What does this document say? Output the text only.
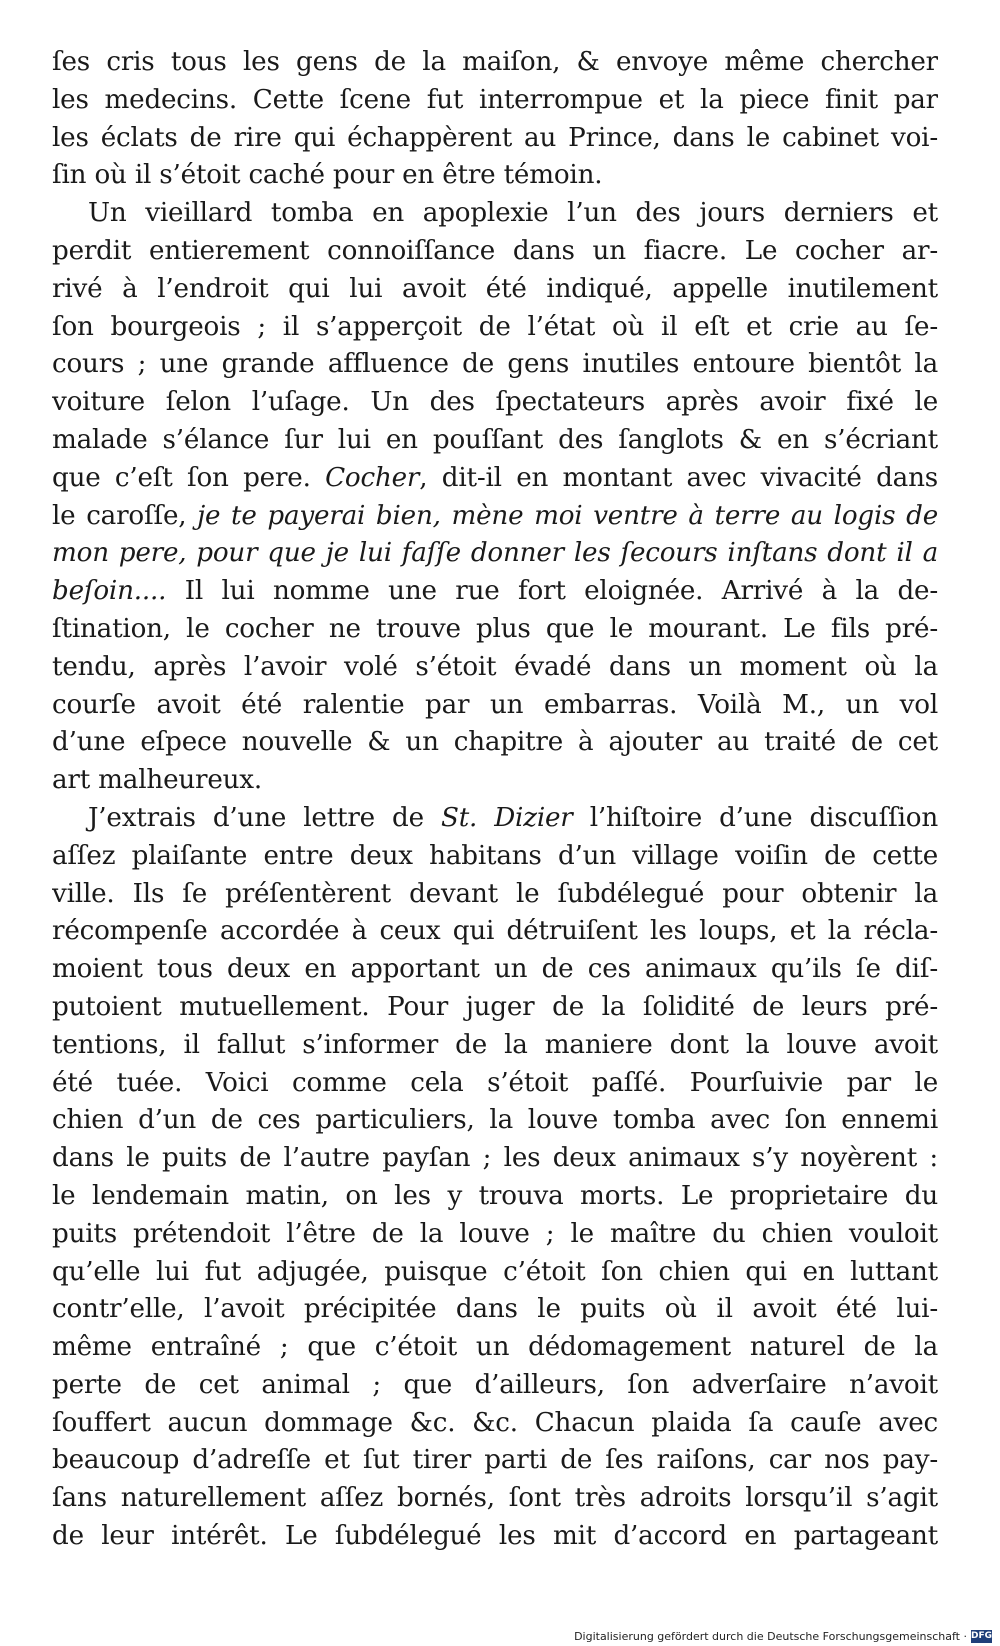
ſes cris tous les gens de la maiſon, & envoye même chercher
les medecins. Cette ſcene fut interrompue et la piece finit par
les éclats de rire qui échappèrent au Prince, dans le cabinet voi-
ſin où il s’étoit caché pour en être témoin.
Un vieillard tomba en apoplexie l’un des jours derniers et
perdit entierement connoiſſance dans un fiacre. Le cocher ar-
rivé à l’endroit qui lui avoit été indiqué, appelle inutilement
ſon bourgeois ; il s’apperçoit de l’état où il eſt et crie au ſe-
cours ; une grande affluence de gens inutiles entoure bientôt la
voiture ſelon l’uſage. Un des ſpectateurs après avoir fixé le
malade s’élance ſur lui en pouſſant des ſanglots & en s’écriant
que c’eſt ſon pere. Cocher, dit-il en montant avec vivacité dans
le caroſſe, je te payerai bien, mène moi ventre à terre au logis de
mon pere, pour que je lui faſſe donner les ſecours inſtans dont il a
beſoin.... Il lui nomme une rue fort eloignée. Arrivé à la de-
ſtination, le cocher ne trouve plus que le mourant. Le fils pré-
tendu, après l’avoir volé s’étoit évadé dans un moment où la
courſe avoit été ralentie par un embarras. Voilà M., un vol
d’une eſpece nouvelle & un chapitre à ajouter au traité de cet
art malheureux.
J’extrais d’une lettre de St. Dizier l’hiſtoire d’une discuſſion
aſſez plaiſante entre deux habitans d’un village voiſin de cette
ville. Ils ſe préſentèrent devant le ſubdélegué pour obtenir la
récompenſe accordée à ceux qui détruiſent les loups, et la récla-
moient tous deux en apportant un de ces animaux qu’ils ſe diſ-
putoient mutuellement. Pour juger de la ſolidité de leurs pré-
tentions, il fallut s’informer de la maniere dont la louve avoit
été tuée. Voici comme cela s’étoit paſſé. Pourſuivie par le
chien d’un de ces particuliers, la louve tomba avec ſon ennemi
dans le puits de l’autre payſan ; les deux animaux s’y noyèrent :
le lendemain matin, on les y trouva morts. Le proprietaire du
puits prétendoit l’être de la louve ; le maître du chien vouloit
qu’elle lui fut adjugée, puisque c’étoit ſon chien qui en luttant
contr’elle, l’avoit précipitée dans le puits où il avoit été lui-
même entraîné ; que c’étoit un dédomagement naturel de la
perte de cet animal ; que d’ailleurs, ſon adverſaire n’avoit
ſouffert aucun dommage &c. &c. Chacun plaida ſa cauſe avec
beaucoup d’adreſſe et ſut tirer parti de ſes raiſons, car nos pay-
ſans naturellement aſſez bornés, ſont très adroits lorsqu’il s’agit
de leur intérêt. Le ſubdélegué les mit d’accord en partageant
Digitalisierung gefördert durch die Deutsche Forschungsgemeinschaft · DFG
